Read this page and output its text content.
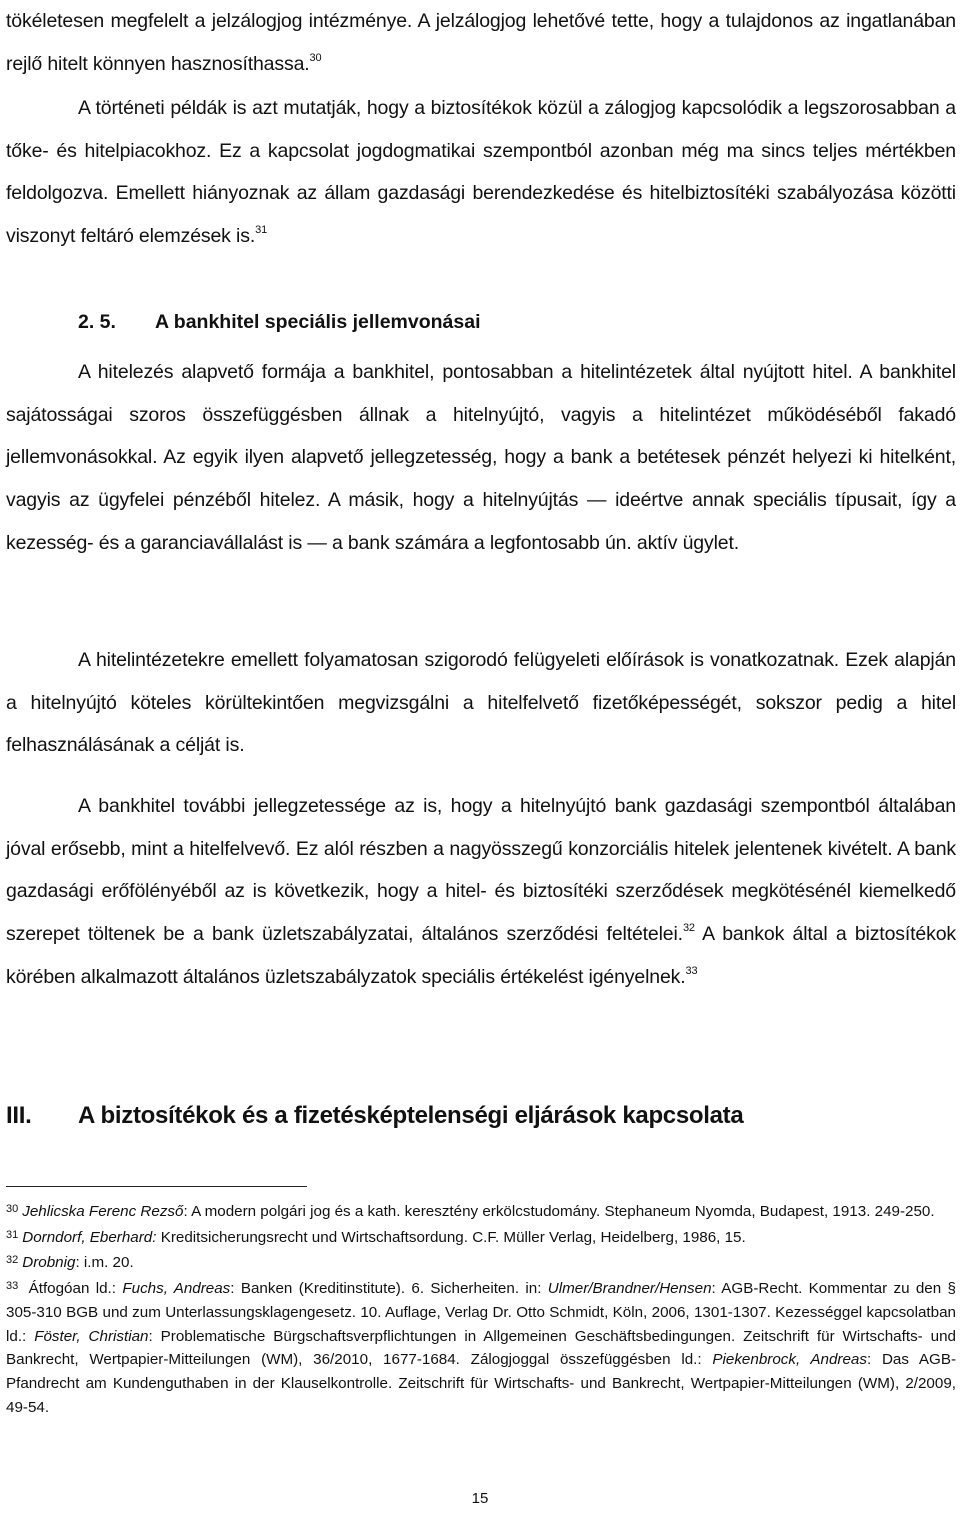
tökéletesen megfelelt a jelzálogjog intézménye. A jelzálogjog lehetővé tette, hogy a tulajdonos az ingatlanában rejlő hitelt könnyen hasznosíthassa.$^{30}$

A történeti példák is azt mutatják, hogy a biztosítékok közül a zálogjog kapcsolódik a legszorosabban a tőke- és hitelpiacokhoz. Ez a kapcsolat jogdogmatikai szempontból azonban még ma sincs teljes mértékben feldolgozva. Emellett hiányoznak az állam gazdasági berendezkedése és hitelbiztosítéki szabályozása közötti viszonyt feltáró elemzések is.$^{31}$

2. 5. A bankhitel speciális jellemvonásai

A hitelezés alapvető formája a bankhitel, pontosabban a hitelintézetek által nyújtott hitel. A bankhitel sajátosságai szoros összefüggésben állnak a hitelnyújtó, vagyis a hitelintézet működéséből fakadó jellemvonásokkal. Az egyik ilyen alapvető jellegzetesség, hogy a bank a betétesek pénzét helyezi ki hitelként, vagyis az ügyfelei pénzéből hitelez. A másik, hogy a hitelnyújtás — ideértve annak speciális típusait, így a kezesség- és a garanciavállalást is — a bank számára a legfontosabb ún. aktív ügylet.

A hitelintézetekre emellett folyamatosan szigorodó felügyeleti előírások is vonatkozatnak. Ezek alapján a hitelnyújtó köteles körültekintően megvizsgálni a hitelfelvető fizetőképességét, sokszor pedig a hitel felhasználásának a célját is.

A bankhitel további jellegzetessége az is, hogy a hitelnyújtó bank gazdasági szempontból általában jóval erősebb, mint a hitelfelvevő. Ez alól részben a nagyösszegű konzorciális hitelek jelentenek kivételt. A bank gazdasági erőfölényéből az is következik, hogy a hitel- és biztosítéki szerződések megkötésénél kiemelkedő szerepet töltenek be a bank üzletszabályzatai, általános szerződési feltételei.$^{32}$ A bankok által a biztosítékok körében alkalmazott általános üzletszabályzatok speciális értékelést igényelnek.$^{33}$

III. A biztosítékok és a fizetésképtelenségi eljárások kapcsolata

$^{30}$ Jehlicska Ferenc Rezső: A modern polgári jog és a kath. keresztény erkölcstudomány. Stephaneum Nyomda, Budapest, 1913. 249-250.

$^{31}$ Dorndorf, Eberhard: Kreditsicherungsrecht und Wirtschaftsordung. C.F. Müller Verlag, Heidelberg, 1986, 15.

$^{32}$ Drobnig: i.m. 20.

$^{33}$ Átfogóan ld.: Fuchs, Andreas: Banken (Kreditinstitute). 6. Sicherheiten. in: Ulmer/Brandner/Hensen: AGB-Recht. Kommentar zu den § 305-310 BGB und zum Unterlassungsklagengesetz. 10. Auflage, Verlag Dr. Otto Schmidt, Köln, 2006, 1301-1307. Kezességgel kapcsolatban ld.: Föster, Christian: Problematische Bürgschaftsverpflichtungen in Allgemeinen Geschäftsbedingungen. Zeitschrift für Wirtschafts- und Bankrecht, Wertpapier-Mitteilungen (WM), 36/2010, 1677-1684. Zálogjoggal összefüggésben ld.: Piekenbrock, Andreas: Das AGB-Pfandrecht am Kundenguthaben in der Klauselkontrolle. Zeitschrift für Wirtschafts- und Bankrecht, Wertpapier-Mitteilungen (WM), 2/2009, 49-54.

15
